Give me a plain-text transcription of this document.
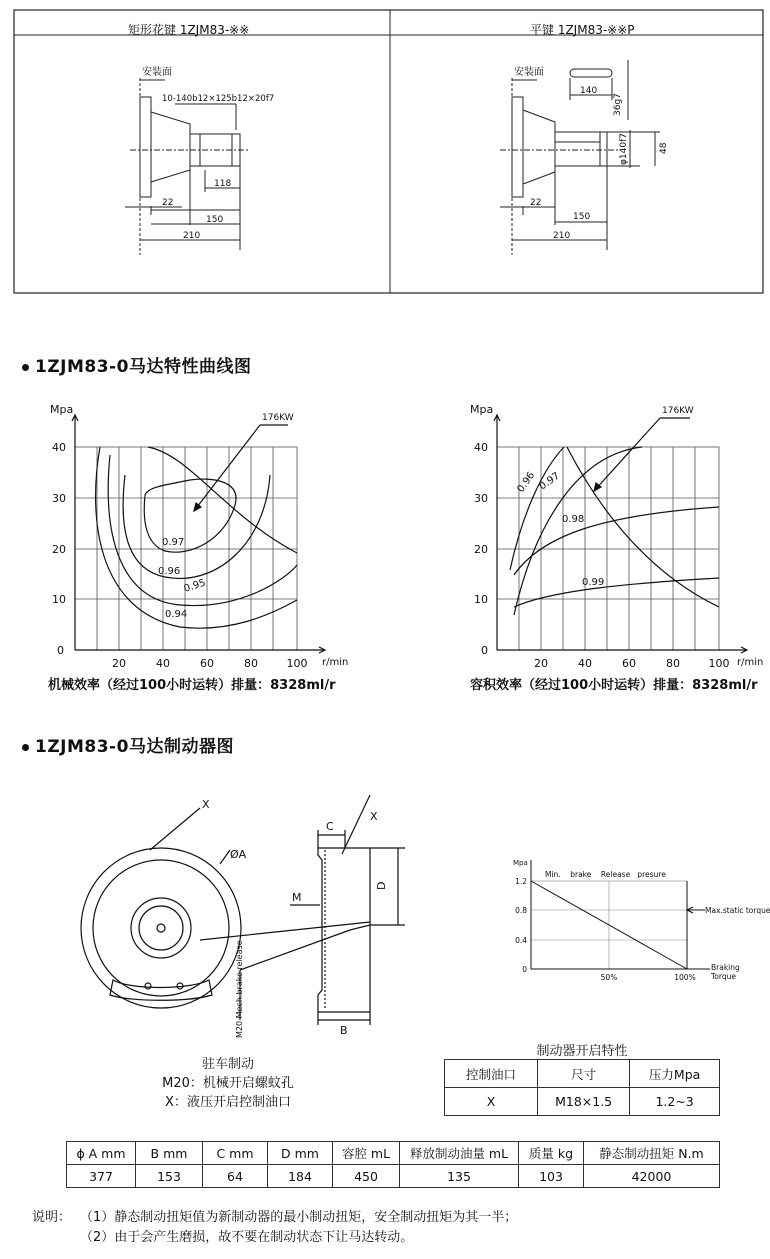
矩形花键 1ZJM83-※※
安装面
10-140b12×125b12×20f7
118
22
150
210
平键 1ZJM83-※※P
安装面
140
36g7
φ140f7	48
22
150
210
1ZJM83-0马达特性曲线图
Mpa
0
10
20
30
40
20	40	60	80	100 r/min
176KW
0.97
0.96
0.95
0.94
机械效率（经过100小时运转）排量：8328ml/r
Mpa
0
10
20
30
40
20	40	60	80	100 r/min
176KW
0.96 0.97
0.98
0.99
容积效率（经过100小时运转）排量：8328ml/r
1ZJM83-0马达制动器图
X
ØA
C
X
D
M
B
M20 Mech.brake release
驻车制动
M20：机械开启螺蚊孔
X：液压开启控制油口
Mpa
1.2
0.8
0.4
0
Min.    brake    Release   presure
Max.static torque
50%	100%
Braking
Torque
制动器开启特性
控制油口	尺寸	压力Mpa
X	M18×1.5	1.2~3
ϕ A mm	B mm	C mm	D mm	容腔 mL	释放制动油量 mL	质量 kg	静态制动扭矩 N.m
377	153	64	184	450	135	103	42000
说明： （1）静态制动扭矩值为新制动器的最小制动扭矩，安全制动扭矩为其一半；
（2）由于会产生磨损，故不要在制动状态下让马达转动。
